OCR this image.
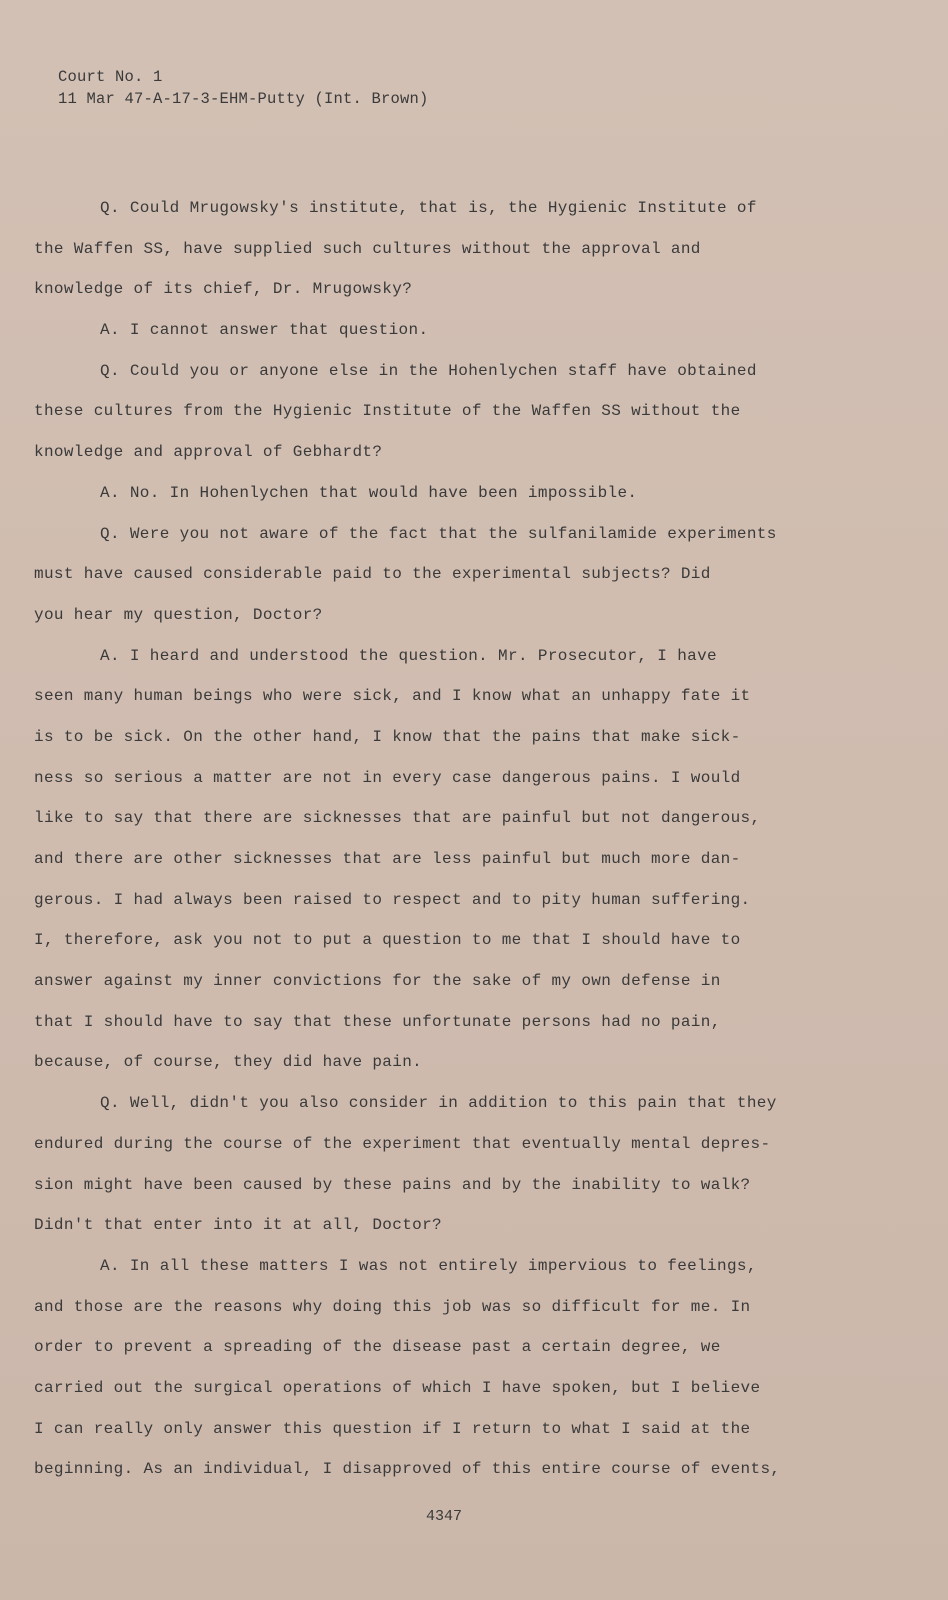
Court No. 1
11 Mar 47-A-17-3-EHM-Putty (Int. Brown)
Q. Could Mrugowsky's institute, that is, the Hygienic Institute of
the Waffen SS, have supplied such cultures without the approval and
knowledge of its chief, Dr. Mrugowsky?
A. I cannot answer that question.
Q. Could you or anyone else in the Hohenlychen staff have obtained
these cultures from the Hygienic Institute of the Waffen SS without the
knowledge and approval of Gebhardt?
A. No. In Hohenlychen that would have been impossible.
Q. Were you not aware of the fact that the sulfanilamide experiments
must have caused considerable paid to the experimental subjects? Did
you hear my question, Doctor?
A. I heard and understood the question. Mr. Prosecutor, I have
seen many human beings who were sick, and I know what an unhappy fate it
is to be sick. On the other hand, I know that the pains that make sick-
ness so serious a matter are not in every case dangerous pains. I would
like to say that there are sicknesses that are painful but not dangerous,
and there are other sicknesses that are less painful but much more dan-
gerous. I had always been raised to respect and to pity human suffering.
I, therefore, ask you not to put a question to me that I should have to
answer against my inner convictions for the sake of my own defense in
that I should have to say that these unfortunate persons had no pain,
because, of course, they did have pain.
Q. Well, didn't you also consider in addition to this pain that they
endured during the course of the experiment that eventually mental depres-
sion might have been caused by these pains and by the inability to walk?
Didn't that enter into it at all, Doctor?
A. In all these matters I was not entirely impervious to feelings,
and those are the reasons why doing this job was so difficult for me. In
order to prevent a spreading of the disease past a certain degree, we
carried out the surgical operations of which I have spoken, but I believe
I can really only answer this question if I return to what I said at the
beginning. As an individual, I disapproved of this entire course of events,
4347
